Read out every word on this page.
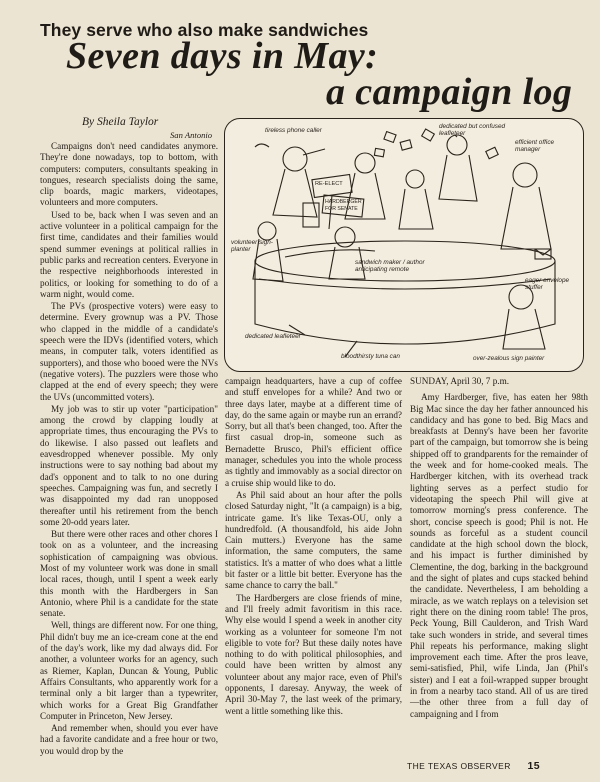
They serve who also make sandwiches
Seven days in May:
a campaign log
By Sheila Taylor
San Antonio	tireless phone caller
dedicated but confused leafleteer
efficient office manager
RE-ELECT
HARDBERGER FOR SENATE
volunteer sign-planter
sandwich maker / author anticipating remote
eager envelope stuffer
dedicated leafleteer
bloodthirsty tuna can	over-zealous sign painter

Campaigns don't need candidates anymore. They're done nowadays, top to bottom, with computers: computers, consultants speaking in tongues, research specialists doing the same, clip boards, magic markers, videotapes, volunteers and more computers.

Used to be, back when I was seven and an active volunteer in a political campaign for the first time, candidates and their families would spend summer evenings at political rallies in public parks and recreation centers. Everyone in the respective neighborhoods interested in politics, or looking for something to do of a warm night, would come.

The PVs (prospective voters) were easy to determine. Every grownup was a PV. Those who clapped in the middle of a candidate's speech were the IDVs (identified voters, which means, in computer talk, voters identified as supporters), and those who booed were the NVs (negative voters). The puzzlers were those who clapped at the end of every speech; they were the UVs (uncommitted voters).

My job was to stir up voter "participation" among the crowd by clapping loudly at appropriate times, thus encouraging the PVs to do likewise. I also passed out leaflets and eavesdropped whenever possible. My only instructions were to say nothing bad about my dad's opponent and to talk to no one during speeches. Campaigning was fun, and secretly I was disappointed my dad ran unopposed thereafter until his retirement from the bench some 20-odd years later.

But there were other races and other chores I took on as a volunteer, and the increasing sophistication of campaigning was obvious. Most of my volunteer work was done in small local races, though, until I spent a week early this month with the Hardbergers in San Antonio, where Phil is a candidate for the state senate.

Well, things are different now. For one thing, Phil didn't buy me an ice-cream cone at the end of the day's work, like my dad always did. For another, a volunteer works for an agency, such as Riemer, Kaplan, Duncan & Young, Public Affairs Consultants, who apparently work for a terminal only a bit larger than a typewriter, which works for a Great Big Grandfather Computer in Princeton, New Jersey.

And remember when, should you ever have had a favorite candidate and a free hour or two, you would drop by the

campaign headquarters, have a cup of coffee and stuff envelopes for a while? And two or three days later, maybe at a different time of day, do the same again or maybe run an errand? Sorry, but all that's been changed, too. After the first casual drop-in, someone such as Bernadette Brusco, Phil's efficient office manager, schedules you into the whole process as tightly and immovably as a social director on a cruise ship would like to do.

As Phil said about an hour after the polls closed Saturday night, "It (a campaign) is a big, intricate game. It's like Texas-OU, only a hundredfold. (A thousandfold, his aide John Cain mutters.) Everyone has the same information, the same computers, the same statistics. It's a matter of who does what a little bit faster or a little bit better. Everyone has the same chance to carry the ball."

The Hardbergers are close friends of mine, and I'll freely admit favoritism in this race. Why else would I spend a week in another city working as a volunteer for someone I'm not eligible to vote for? But these daily notes have nothing to do with political philosophies, and could have been written by almost any volunteer about any major race, even of Phil's opponents, I daresay. Anyway, the week of April 30-May 7, the last week of the primary, went a little something like this.

SUNDAY, April 30, 7 p.m.

Amy Hardberger, five, has eaten her 98th Big Mac since the day her father announced his candidacy and has gone to bed. Big Macs and breakfasts at Denny's have been her favorite part of the campaign, but tomorrow she is being shipped off to grandparents for the remainder of the week and for home-cooked meals. The Hardberger kitchen, with its overhead track lighting serves as a perfect studio for videotaping the speech Phil will give at tomorrow morning's press conference. The short, concise speech is good; Phil is not. He sounds as forceful as a student council candidate at the high school down the block, and his impact is further diminished by Clementine, the dog, barking in the background and the sight of plates and cups stacked behind the candidate. Nevertheless, I am beholding a miracle, as we watch replays on a television set right there on the dining room table! The pros, Peck Young, Bill Caulderon, and Trish Ward take such wonders in stride, and several times Phil repeats his performance, making slight improvement each time. After the pros leave, semi-satisfied, Phil, wife Linda, Jan (Phil's sister) and I eat a foil-wrapped supper brought in from a nearby taco stand. All of us are tired—the other three from a full day of campaigning and I from

THE TEXAS OBSERVER 15
